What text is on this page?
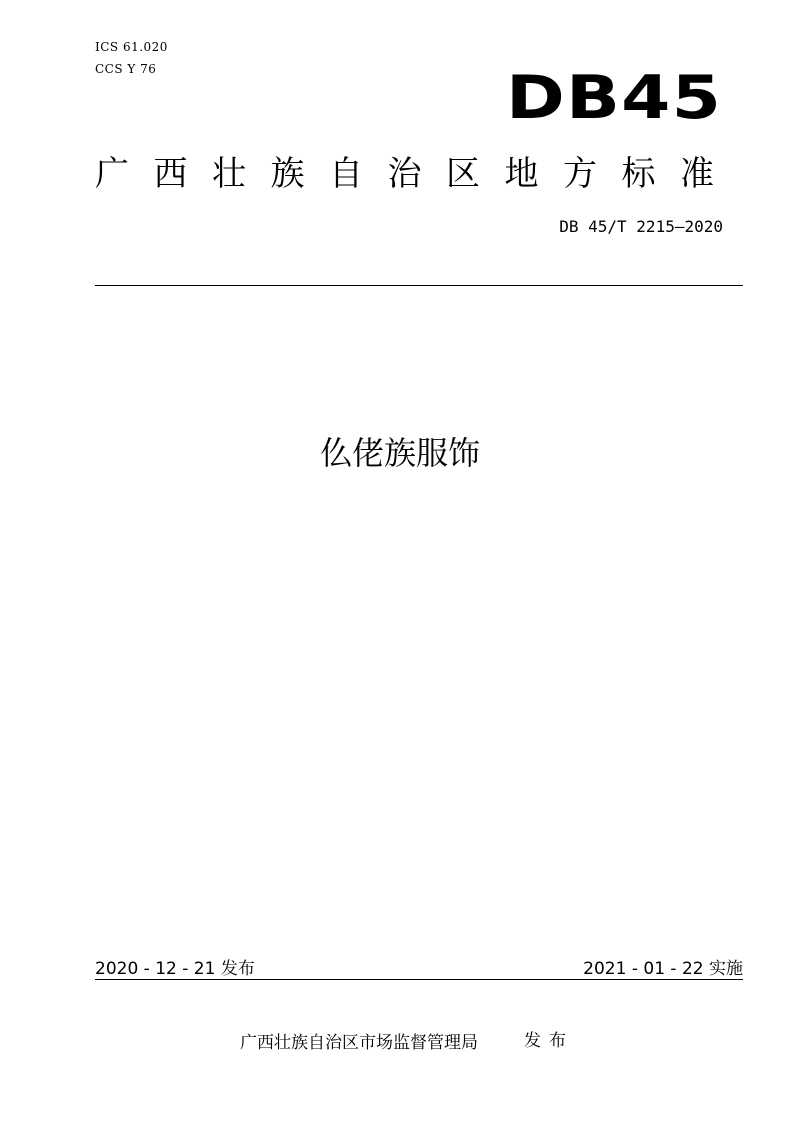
ICS 61.020
CCS Y 76	DB45
广西壮族自治区地方标准
DB 45/T 2215—2020
仫佬族服饰
2020 - 12 - 21 发布	2021 - 01 - 22 实施
广西壮族自治区市场监督管理局	发布
